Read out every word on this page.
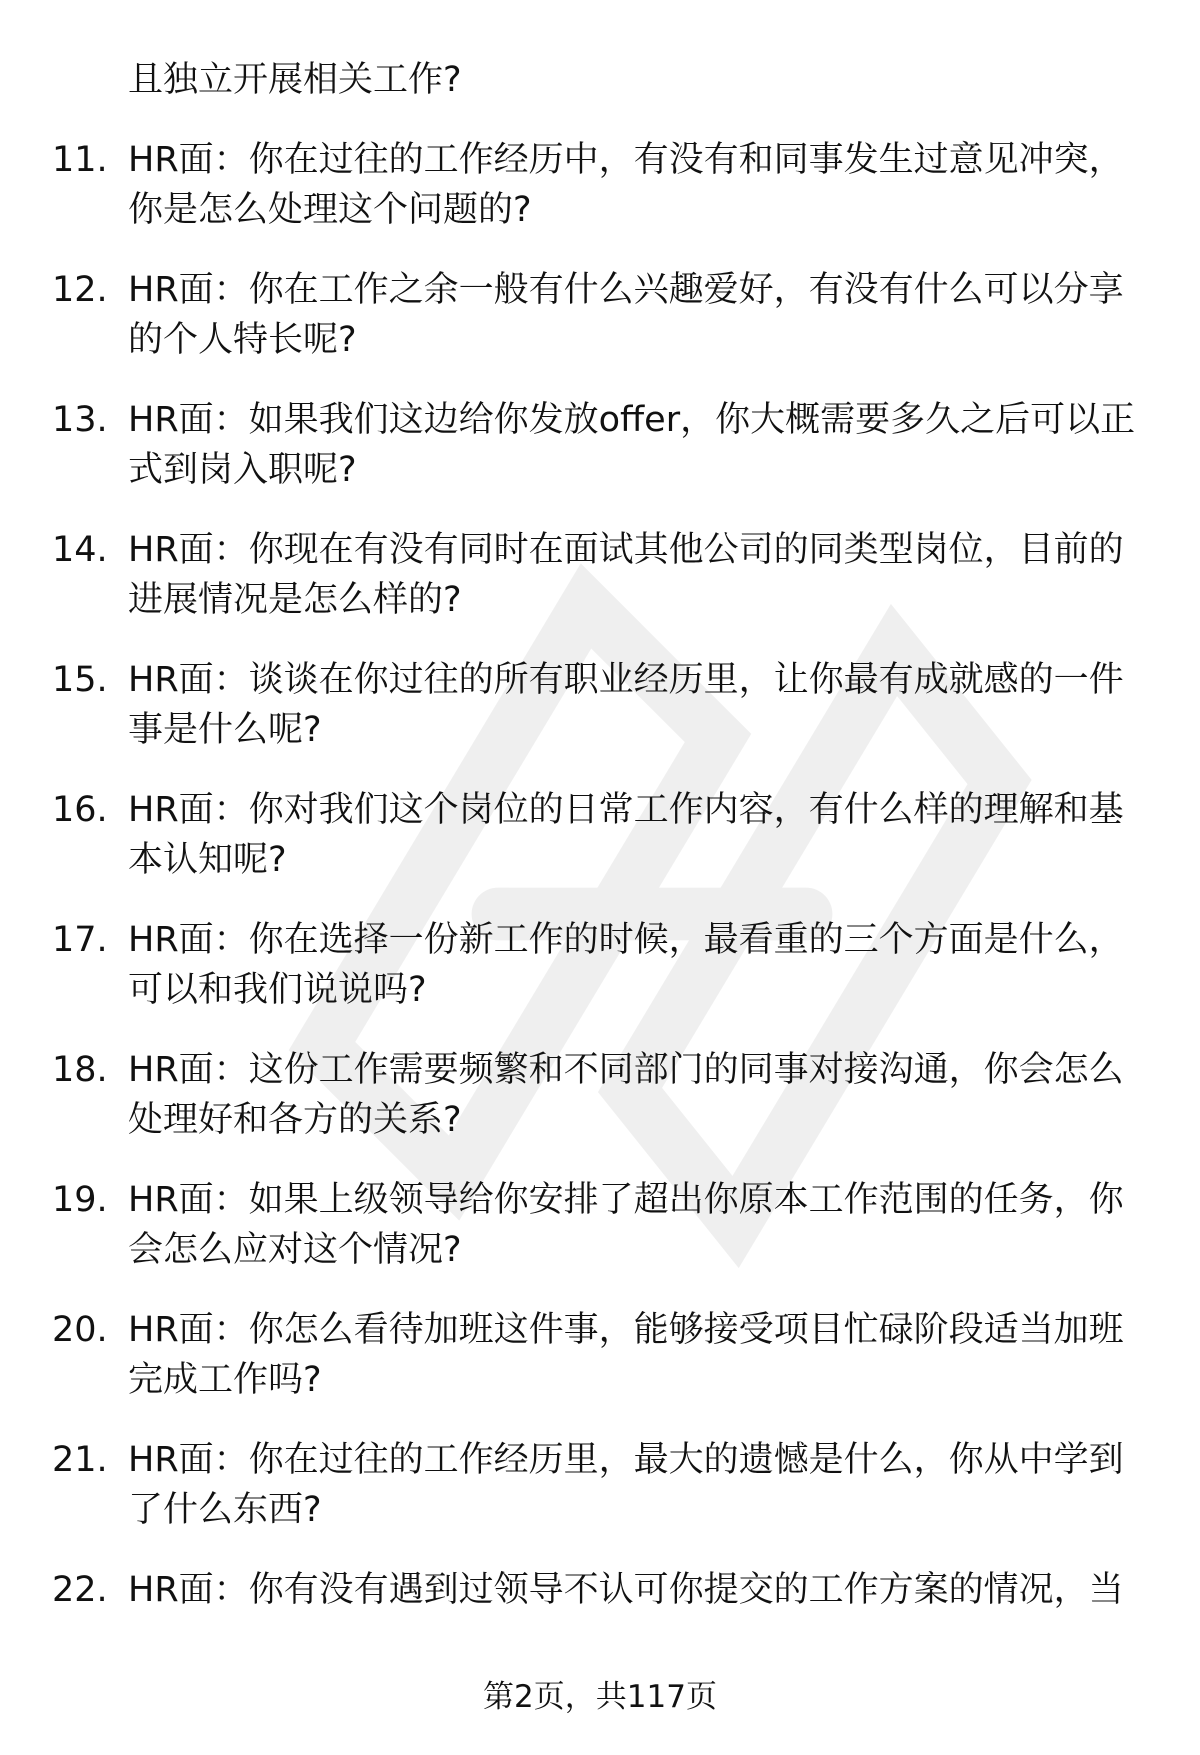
且独立开展相关工作?
11. HR面：你在过往的工作经历中，有没有和同事发生过意见冲突，你是怎么处理这个问题的?
12. HR面：你在工作之余一般有什么兴趣爱好，有没有什么可以分享的个人特长呢?
13. HR面：如果我们这边给你发放offer，你大概需要多久之后可以正式到岗入职呢?
14. HR面：你现在有没有同时在面试其他公司的同类型岗位，目前的进展情况是怎么样的?
15. HR面：谈谈在你过往的所有职业经历里，让你最有成就感的一件事是什么呢?
16. HR面：你对我们这个岗位的日常工作内容，有什么样的理解和基本认知呢?
17. HR面：你在选择一份新工作的时候，最看重的三个方面是什么，可以和我们说说吗?
18. HR面：这份工作需要频繁和不同部门的同事对接沟通，你会怎么处理好和各方的关系?
19. HR面：如果上级领导给你安排了超出你原本工作范围的任务，你会怎么应对这个情况?
20. HR面：你怎么看待加班这件事，能够接受项目忙碌阶段适当加班完成工作吗?
21. HR面：你在过往的工作经历里，最大的遗憾是什么，你从中学到了什么东西?
22. HR面：你有没有遇到过领导不认可你提交的工作方案的情况，当
第2页，共117页
